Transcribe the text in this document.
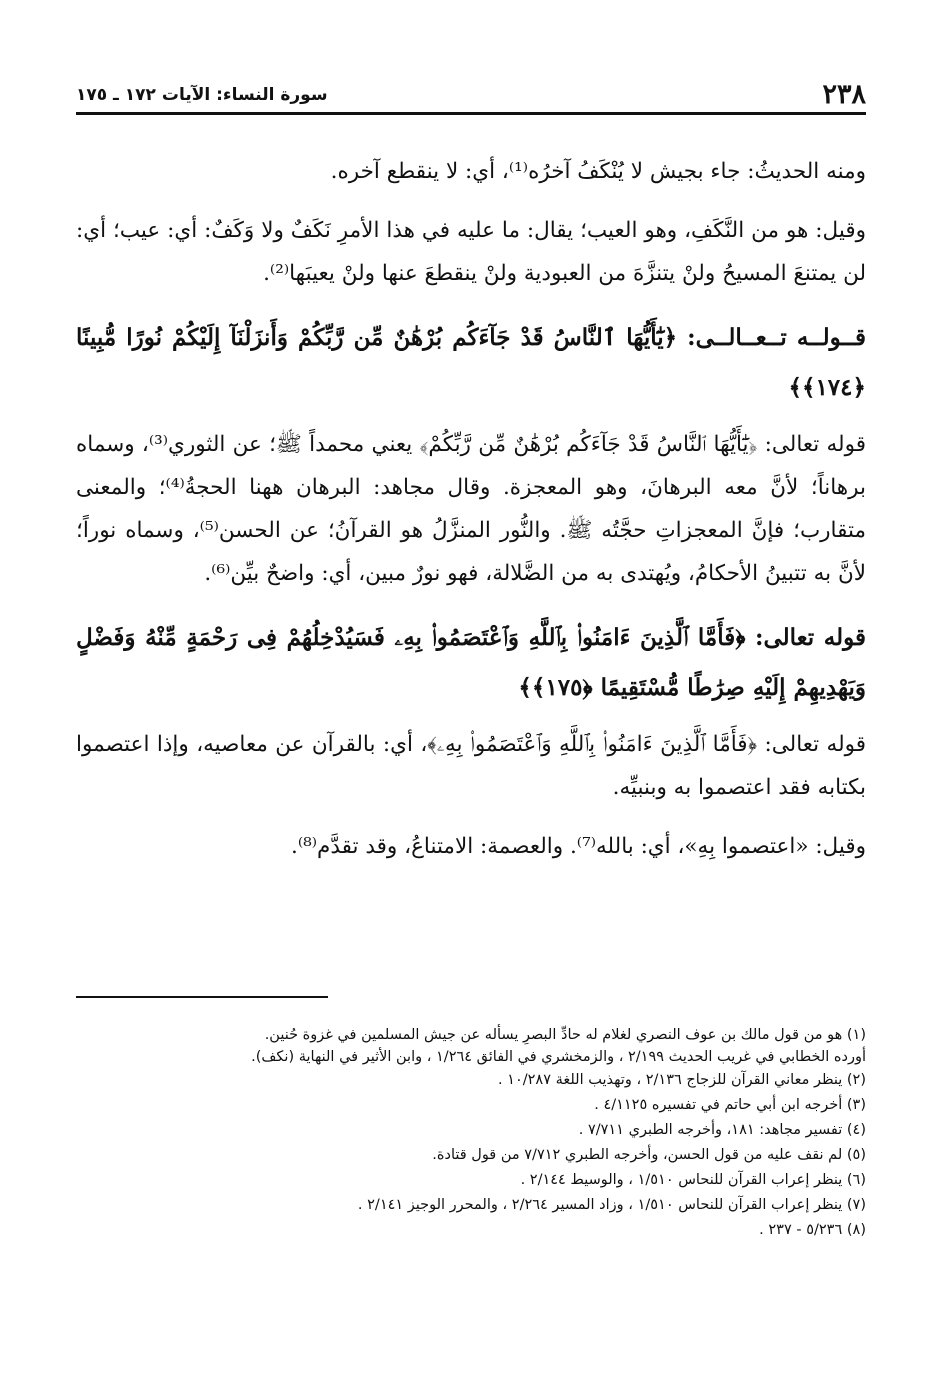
٢٣٨
سورة النساء: الآيات ١٧٢ ـ ١٧٥

ومنه الحديثُ: جاء بجيش لا يُنْكَفُ آخرُه⁽¹⁾، أي: لا ينقطع آخره.

وقيل: هو من النَّكَفِ، وهو العيب؛ يقال: ما عليه في هذا الأمرِ نَكَفٌ ولا وَكَفٌ: أي: عيب؛ أي: لن يمتنعَ المسيحُ ولنْ يتنزَّهَ من العبودية ولنْ ينقطعَ عنها ولنْ يعيبَها⁽²⁾.

قــولــه تــعــالــى: ﴿يَٰٓأَيُّهَا ٱلنَّاسُ قَدْ جَآءَكُم بُرْهَٰنٌ مِّن رَّبِّكُمْ وَأَنزَلْنَآ إِلَيْكُمْ نُورًا مُّبِينًا ﴿١٧٤﴾﴾

قوله تعالى: ﴿يَٰٓأَيُّهَا ٱلنَّاسُ قَدْ جَآءَكُم بُرْهَٰنٌ مِّن رَّبِّكُمْ﴾ يعني محمداً ﷺ؛ عن الثوري⁽³⁾، وسماه برهاناً؛ لأنَّ معه البرهانَ، وهو المعجزة. وقال مجاهد: البرهان ههنا الحجةُ⁽⁴⁾؛ والمعنى متقارب؛ فإنَّ المعجزاتِ حجَّتُه ﷺ. والنُّور المنزَّلُ هو القرآنُ؛ عن الحسن⁽⁵⁾، وسماه نوراً؛ لأنَّ به تتبينُ الأحكامُ، ويُهتدى به من الضَّلالة، فهو نورٌ مبين، أي: واضحٌ بيِّن⁽⁶⁾.

قوله تعالى: ﴿فَأَمَّا ٱلَّذِينَ ءَامَنُوا۟ بِٱللَّهِ وَٱعْتَصَمُوا۟ بِهِۦ فَسَيُدْخِلُهُمْ فِى رَحْمَةٍ مِّنْهُ وَفَضْلٍ وَيَهْدِيهِمْ إِلَيْهِ صِرَٰطًا مُّسْتَقِيمًا ﴿١٧٥﴾﴾

قوله تعالى: ﴿فَأَمَّا ٱلَّذِينَ ءَامَنُوا۟ بِٱللَّهِ وَٱعْتَصَمُوا۟ بِهِۦ﴾، أي: بالقرآن عن معاصيه، وإذا اعتصموا بكتابه فقد اعتصموا به وبنبيِّه.

وقيل: «اعتصموا بِهِ»، أي: بالله⁽⁷⁾. والعصمة: الامتناعُ، وقد تقدَّم⁽⁸⁾.

(١) هو من قول مالك بن عوف النصري لغلام له حادِّ البصرِ يسأله عن جيش المسلمين في غزوة حُنين.

أورده الخطابي في غريب الحديث ٢/١٩٩ ، والزمخشري في الفائق ١/٢٦٤ ، وابن الأثير في النهاية (نكف).

(٢) ينظر معاني القرآن للزجاج ٢/١٣٦ ، وتهذيب اللغة ١٠/٢٨٧ .

(٣) أخرجه ابن أبي حاتم في تفسيره ٤/١١٢٥ .

(٤) تفسير مجاهد: ١٨١، وأخرجه الطبري ٧/٧١١ .

(٥) لم نقف عليه من قول الحسن، وأخرجه الطبري ٧/٧١٢ من قول قتادة.

(٦) ينظر إعراب القرآن للنحاس ١/٥١٠ ، والوسيط ٢/١٤٤ .

(٧) ينظر إعراب القرآن للنحاس ١/٥١٠ ، وزاد المسير ٢/٢٦٤ ، والمحرر الوجيز ٢/١٤١ .

(٨) ٥/٢٣٦ - ٢٣٧ .
